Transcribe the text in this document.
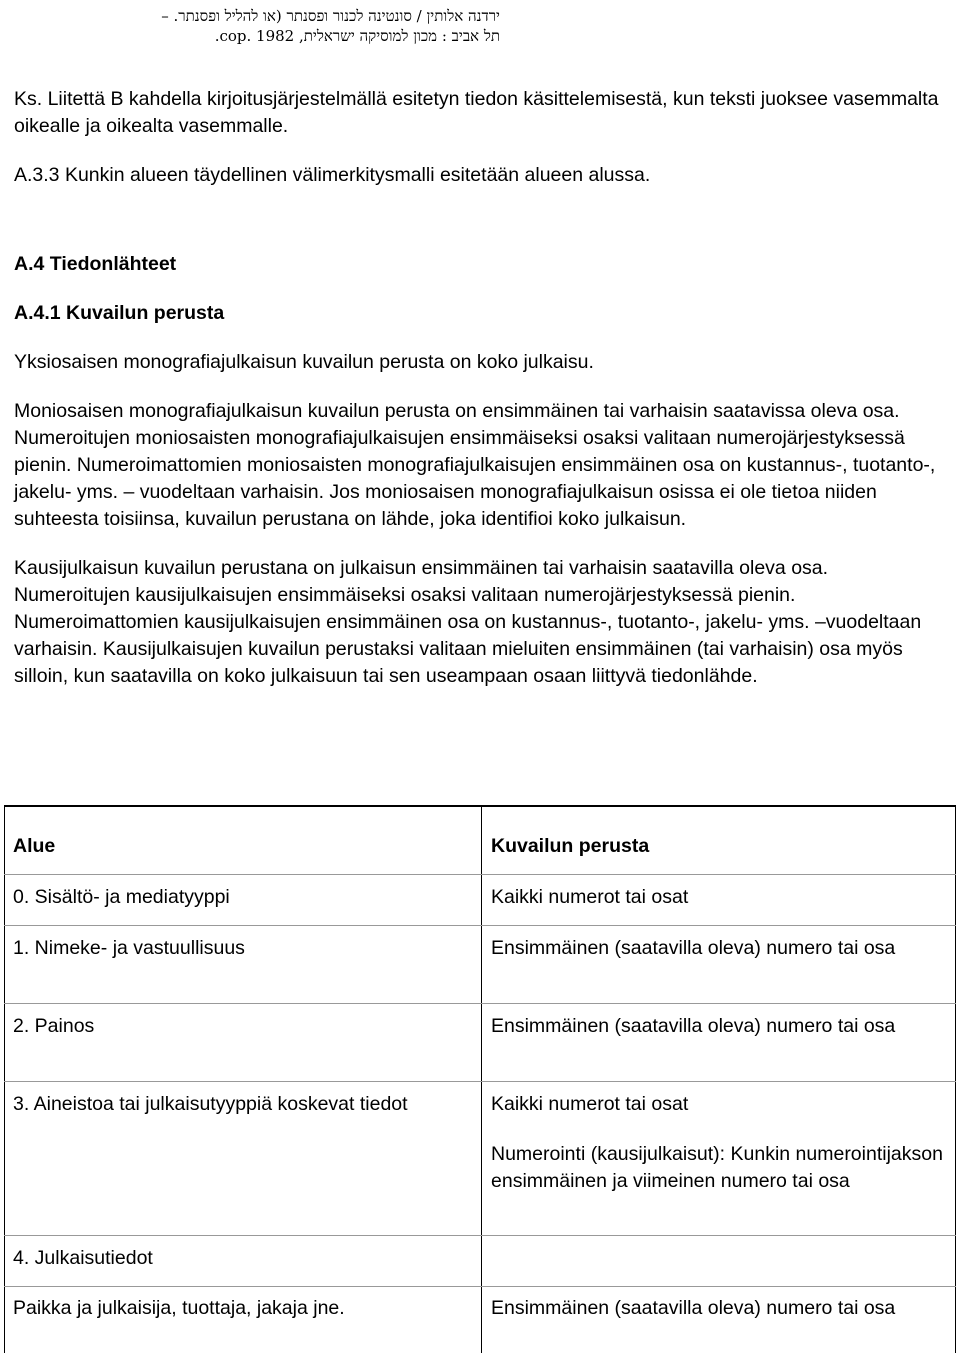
ירדנה אלותין / סונטינה לכנור ופסנתר (או להליל ופסנתר. –
תל אביב : מכון למוסיקה ישראלית, cop. 1982.

Ks. Liitettä B kahdella kirjoitusjärjestelmällä esitetyn tiedon käsittelemisestä, kun teksti juoksee vasemmalta oikealle ja oikealta vasemmalle.

A.3.3 Kunkin alueen täydellinen välimerkitysmalli esitetään alueen alussa.

A.4 Tiedonlähteet

A.4.1 Kuvailun perusta

Yksiosaisen monografiajulkaisun kuvailun perusta on koko julkaisu.

Moniosaisen monografiajulkaisun kuvailun perusta on ensimmäinen tai varhaisin saatavissa oleva osa. Numeroitujen moniosaisten monografiajulkaisujen ensimmäiseksi osaksi valitaan numerojärjestyksessä pienin. Numeroimattomien moniosaisten monografiajulkaisujen ensimmäinen osa on kustannus-, tuotanto-, jakelu- yms. – vuodeltaan varhaisin. Jos moniosaisen monografiajulkaisun osissa ei ole tietoa niiden suhteesta toisiinsa, kuvailun perustana on lähde, joka identifioi koko julkaisun.

Kausijulkaisun kuvailun perustana on julkaisun ensimmäinen tai varhaisin saatavilla oleva osa. Numeroitujen kausijulkaisujen ensimmäiseksi osaksi valitaan numerojärjestyksessä pienin. Numeroimattomien kausijulkaisujen ensimmäinen osa on kustannus-, tuotanto-, jakelu- yms. –vuodeltaan varhaisin. Kausijulkaisujen kuvailun perustaksi valitaan mieluiten ensimmäinen (tai varhaisin) osa myös silloin, kun saatavilla on koko julkaisuun tai sen useampaan osaan liittyvä tiedonlähde.

Alue	Kuvailun perusta
0. Sisältö- ja mediatyyppi	Kaikki numerot tai osat
1. Nimeke- ja vastuullisuus	Ensimmäinen (saatavilla oleva) numero tai osa
2. Painos	Ensimmäinen (saatavilla oleva) numero tai osa
3. Aineistoa tai julkaisutyyppiä koskevat tiedot	Kaikki numerot tai osat
Numerointi (kausijulkaisut): Kunkin numerointijakson ensimmäinen ja viimeinen numero tai osa
4. Julkaisutiedot
Paikka ja julkaisija, tuottaja, jakaja jne.	Ensimmäinen (saatavilla oleva) numero tai osa
